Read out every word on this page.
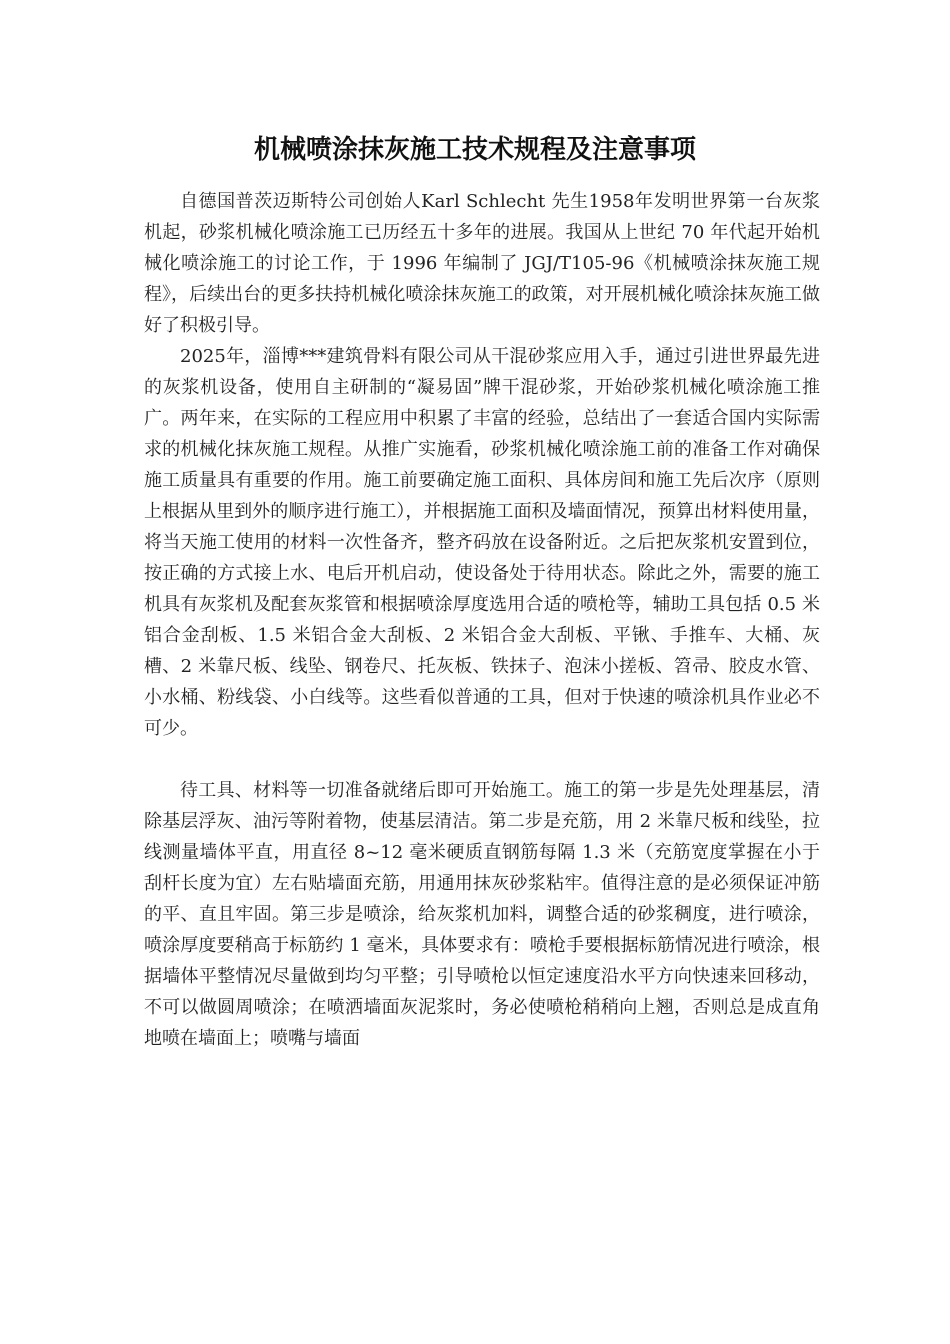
机械喷涂抹灰施工技术规程及注意事项

自德国普茨迈斯特公司创始人Karl Schlecht 先生1958年发明世界第一台灰浆机起，砂浆机械化喷涂施工已历经五十多年的进展。我国从上世纪 70 年代起开始机械化喷涂施工的讨论工作，于 1996 年编制了 JGJ/T105-96《机械喷涂抹灰施工规程》，后续出台的更多扶持机械化喷涂抹灰施工的政策，对开展机械化喷涂抹灰施工做好了积极引导。

2025年，淄博***建筑骨料有限公司从干混砂浆应用入手，通过引进世界最先进的灰浆机设备，使用自主研制的“凝易固”牌干混砂浆，开始砂浆机械化喷涂施工推广。两年来，在实际的工程应用中积累了丰富的经验，总结出了一套适合国内实际需求的机械化抹灰施工规程。从推广实施看，砂浆机械化喷涂施工前的准备工作对确保施工质量具有重要的作用。施工前要确定施工面积、具体房间和施工先后次序（原则上根据从里到外的顺序进行施工），并根据施工面积及墙面情况，预算出材料使用量，将当天施工使用的材料一次性备齐，整齐码放在设备附近。之后把灰浆机安置到位，按正确的方式接上水、电后开机启动，使设备处于待用状态。除此之外，需要的施工机具有灰浆机及配套灰浆管和根据喷涂厚度选用合适的喷枪等，辅助工具包括 0.5 米铝合金刮板、1.5 米铝合金大刮板、2 米铝合金大刮板、平锹、手推车、大桶、灰槽、2 米靠尺板、线坠、钢卷尺、托灰板、铁抹子、泡沫小搓板、笤帚、胶皮水管、小水桶、粉线袋、小白线等。这些看似普通的工具，但对于快速的喷涂机具作业必不可少。

待工具、材料等一切准备就绪后即可开始施工。施工的第一步是先处理基层，清除基层浮灰、油污等附着物，使基层清洁。第二步是充筋，用 2 米靠尺板和线坠，拉线测量墙体平直，用直径 8~12 毫米硬质直钢筋每隔 1.3 米（充筋宽度掌握在小于刮杆长度为宜）左右贴墙面充筋，用通用抹灰砂浆粘牢。值得注意的是必须保证冲筋的平、直且牢固。第三步是喷涂，给灰浆机加料，调整合适的砂浆稠度，进行喷涂，喷涂厚度要稍高于标筋约 1 毫米，具体要求有：喷枪手要根据标筋情况进行喷涂，根据墙体平整情况尽量做到均匀平整；引导喷枪以恒定速度沿水平方向快速来回移动，不可以做圆周喷涂；在喷洒墙面灰泥浆时，务必使喷枪稍稍向上翘，否则总是成直角地喷在墙面上；喷嘴与墙面
